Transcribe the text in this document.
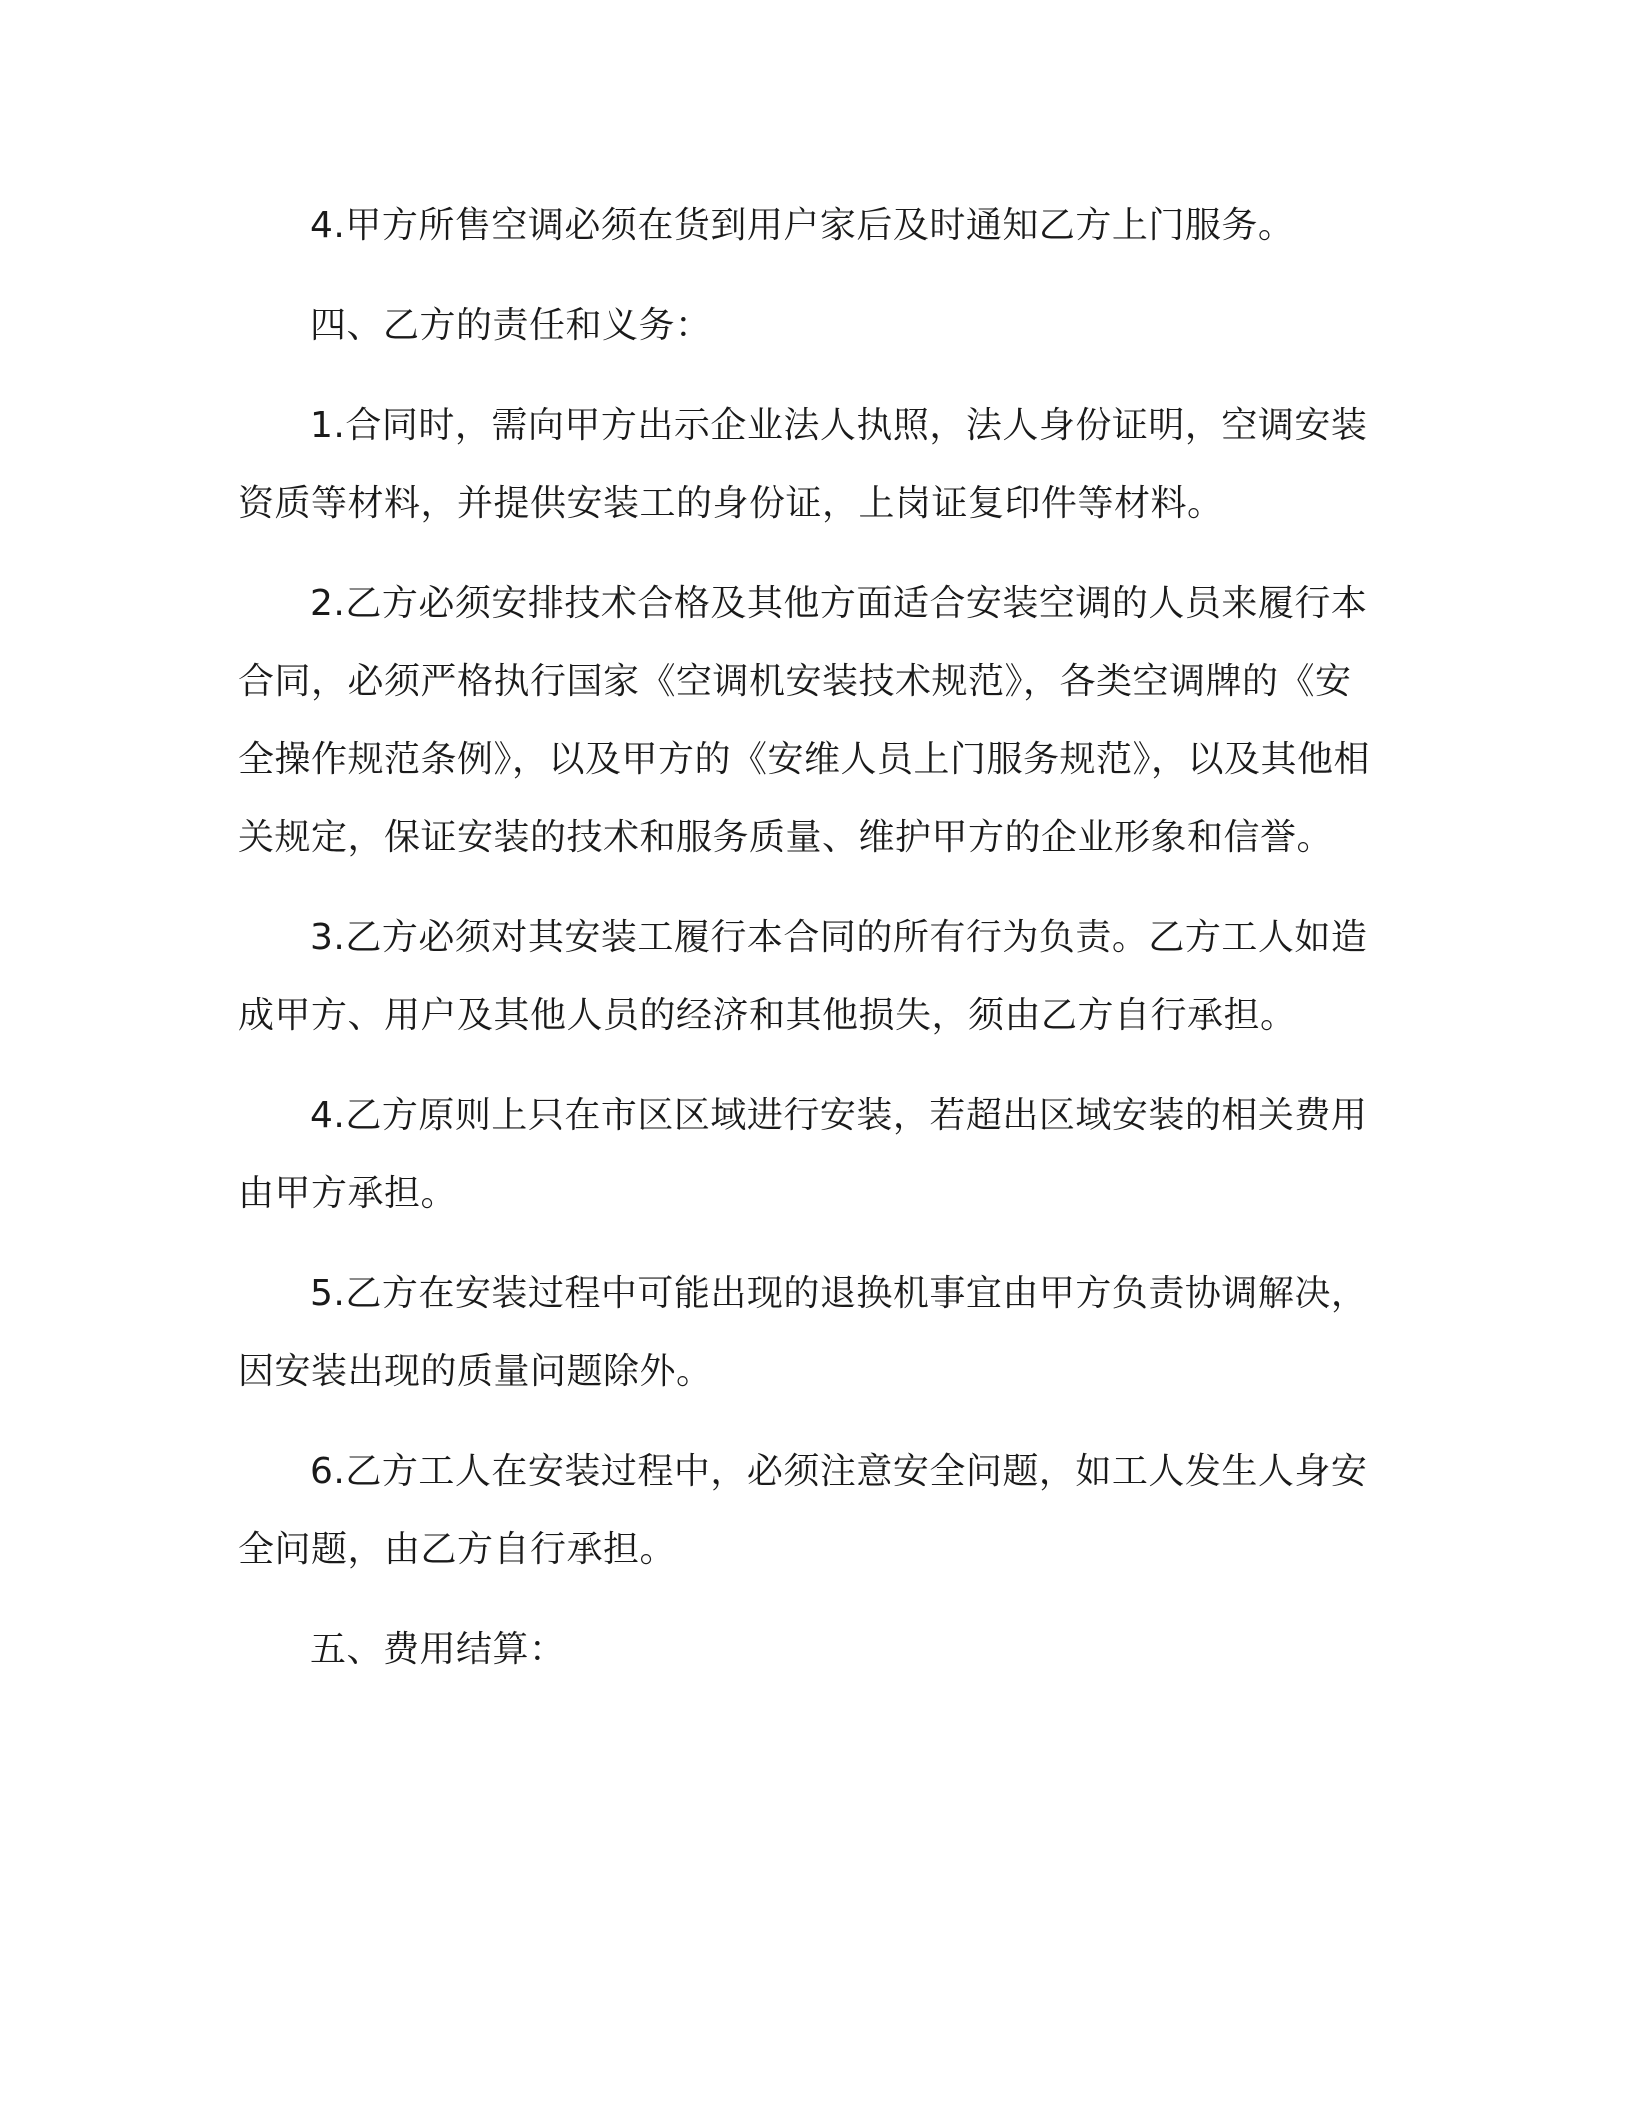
4.甲方所售空调必须在货到用户家后及时通知乙方上门服务。

四、乙方的责任和义务：

1.合同时，需向甲方出示企业法人执照，法人身份证明，空调安装资质等材料，并提供安装工的身份证，上岗证复印件等材料。

2.乙方必须安排技术合格及其他方面适合安装空调的人员来履行本合同，必须严格执行国家《空调机安装技术规范》，各类空调牌的《安全操作规范条例》，以及甲方的《安维人员上门服务规范》，以及其他相关规定，保证安装的技术和服务质量、维护甲方的企业形象和信誉。

3.乙方必须对其安装工履行本合同的所有行为负责。乙方工人如造成甲方、用户及其他人员的经济和其他损失，须由乙方自行承担。

4.乙方原则上只在市区区域进行安装，若超出区域安装的相关费用由甲方承担。

5.乙方在安装过程中可能出现的退换机事宜由甲方负责协调解决，因安装出现的质量问题除外。

6.乙方工人在安装过程中，必须注意安全问题，如工人发生人身安全问题，由乙方自行承担。

五、费用结算：
